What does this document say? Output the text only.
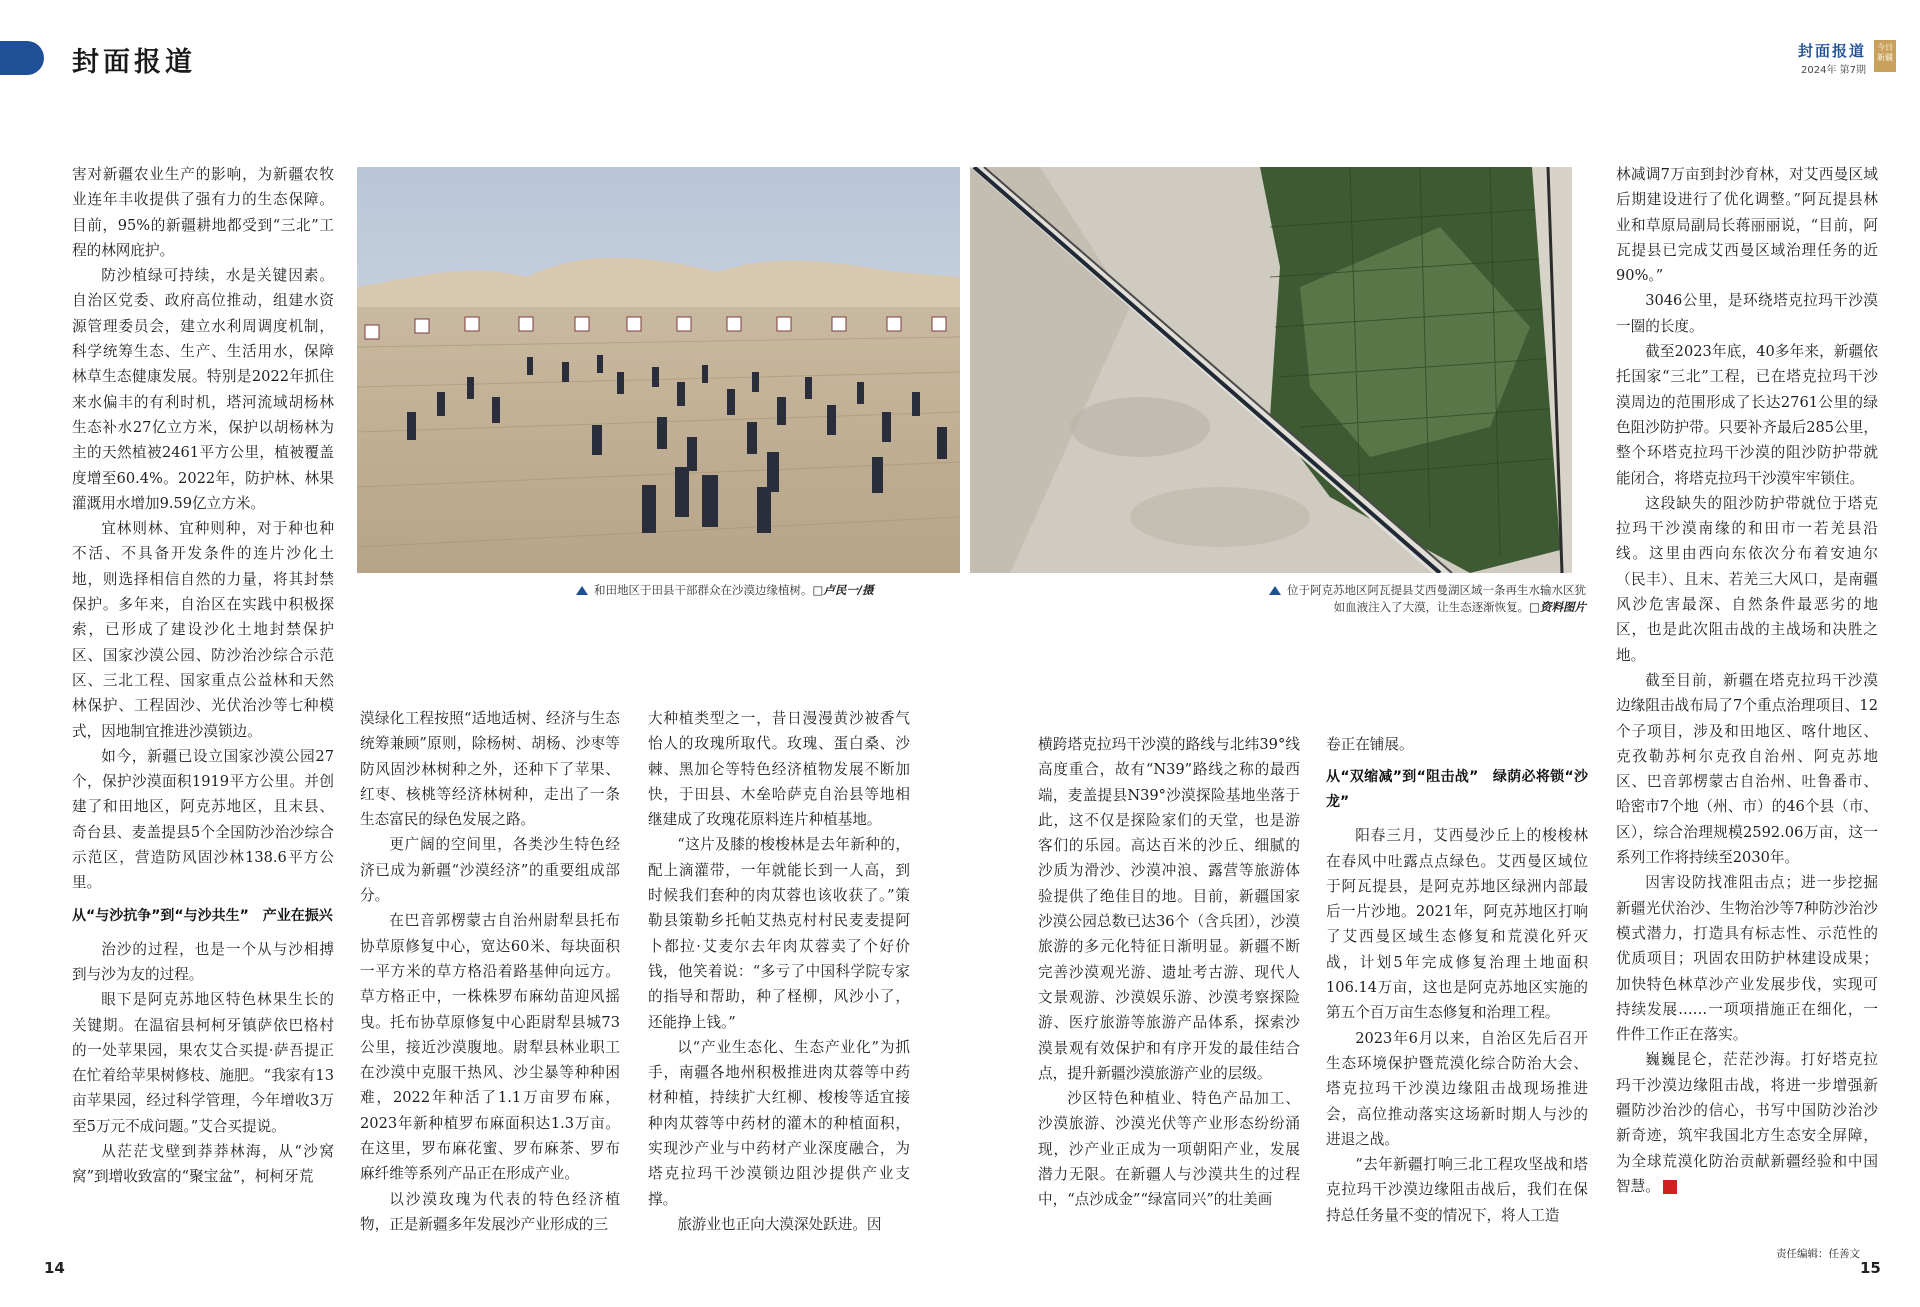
封面报道	封面报道
2024年 第7期
今日新疆

害对新疆农业生产的影响，为新疆农牧业连年丰收提供了强有力的生态保障。目前，95%的新疆耕地都受到“三北”工程的林网庇护。

防沙植绿可持续，水是关键因素。自治区党委、政府高位推动，组建水资源管理委员会，建立水利周调度机制，科学统筹生态、生产、生活用水，保障林草生态健康发展。特别是2022年抓住来水偏丰的有利时机，塔河流域胡杨林生态补水27亿立方米，保护以胡杨林为主的天然植被2461平方公里，植被覆盖度增至60.4%。2022年，防护林、林果灌溉用水增加9.59亿立方米。

宜林则林、宜种则种，对于种也种不活、不具备开发条件的连片沙化土地，则选择相信自然的力量，将其封禁保护。多年来，自治区在实践中积极探索，已形成了建设沙化土地封禁保护区、国家沙漠公园、防沙治沙综合示范区、三北工程、国家重点公益林和天然林保护、工程固沙、光伏治沙等七种模式，因地制宜推进沙漠锁边。

如今，新疆已设立国家沙漠公园27个，保护沙漠面积1919平方公里。并创建了和田地区，阿克苏地区，且末县、奇台县、麦盖提县5个全国防沙治沙综合示范区，营造防风固沙林138.6平方公里。

从“与沙抗争”到“与沙共生”　产业在振兴

治沙的过程，也是一个从与沙相搏到与沙为友的过程。

眼下是阿克苏地区特色林果生长的关键期。在温宿县柯柯牙镇萨依巴格村的一处苹果园，果农艾合买提·萨吾提正在忙着给苹果树修枝、施肥。“我家有13亩苹果园，经过科学管理，今年增收3万至5万元不成问题。”艾合买提说。

从茫茫戈壁到莽莽林海，从“沙窝窝”到增收致富的“聚宝盆”，柯柯牙荒

和田地区于田县干部群众在沙漠边缘植树。□卢民一/摄	位于阿克苏地区阿瓦提县艾西曼湖区域一条再生水输水区犹如血液注入了大漠，让生态逐渐恢复。□资料图片

漠绿化工程按照“适地适树、经济与生态统筹兼顾”原则，除杨树、胡杨、沙枣等防风固沙林树种之外，还种下了苹果、红枣、核桃等经济林树种，走出了一条生态富民的绿色发展之路。

更广阔的空间里，各类沙生特色经济已成为新疆“沙漠经济”的重要组成部分。

在巴音郭楞蒙古自治州尉犁县托布协草原修复中心，宽达60米、每块面积一平方米的草方格沿着路基伸向远方。草方格正中，一株株罗布麻幼苗迎风摇曳。托布协草原修复中心距尉犁县城73公里，接近沙漠腹地。尉犁县林业职工在沙漠中克服干热风、沙尘暴等种种困难，2022年种活了1.1万亩罗布麻，2023年新种植罗布麻面积达1.3万亩。在这里，罗布麻花蜜、罗布麻茶、罗布麻纤维等系列产品正在形成产业。

以沙漠玫瑰为代表的特色经济植物，正是新疆多年发展沙产业形成的三

大种植类型之一，昔日漫漫黄沙被香气怡人的玫瑰所取代。玫瑰、蛋白桑、沙棘、黑加仑等特色经济植物发展不断加快，于田县、木垒哈萨克自治县等地相继建成了玫瑰花原料连片种植基地。

“这片及膝的梭梭林是去年新种的，配上滴灌带，一年就能长到一人高，到时候我们套种的肉苁蓉也该收获了。”策勒县策勒乡托帕艾热克村村民麦麦提阿卜都拉·艾麦尔去年肉苁蓉卖了个好价钱，他笑着说：“多亏了中国科学院专家的指导和帮助，种了柽柳，风沙小了，还能挣上钱。”

以“产业生态化、生态产业化”为抓手，南疆各地州积极推进肉苁蓉等中药材种植，持续扩大红柳、梭梭等适宜接种肉苁蓉等中药材的灌木的种植面积，实现沙产业与中药材产业深度融合，为塔克拉玛干沙漠锁边阻沙提供产业支撑。

旅游业也正向大漠深处跃进。因

横跨塔克拉玛干沙漠的路线与北纬39°线高度重合，故有“N39”路线之称的最西端，麦盖提县N39°沙漠探险基地坐落于此，这不仅是探险家们的天堂，也是游客们的乐园。高达百米的沙丘、细腻的沙质为滑沙、沙漠冲浪、露营等旅游体验提供了绝佳目的地。目前，新疆国家沙漠公园总数已达36个（含兵团），沙漠旅游的多元化特征日渐明显。新疆不断完善沙漠观光游、遗址考古游、现代人文景观游、沙漠娱乐游、沙漠考察探险游、医疗旅游等旅游产品体系，探索沙漠景观有效保护和有序开发的最佳结合点，提升新疆沙漠旅游产业的层级。

沙区特色种植业、特色产品加工、沙漠旅游、沙漠光伏等产业形态纷纷涌现，沙产业正成为一项朝阳产业，发展潜力无限。在新疆人与沙漠共生的过程中，“点沙成金”“绿富同兴”的壮美画

卷正在铺展。

从“双缩减”到“阻击战”　绿荫必将锁“沙龙”

阳春三月，艾西曼沙丘上的梭梭林在春风中吐露点点绿色。艾西曼区域位于阿瓦提县，是阿克苏地区绿洲内部最后一片沙地。2021年，阿克苏地区打响了艾西曼区域生态修复和荒漠化歼灭战，计划5年完成修复治理土地面积106.14万亩，这也是阿克苏地区实施的第五个百万亩生态修复和治理工程。

2023年6月以来，自治区先后召开生态环境保护暨荒漠化综合防治大会、塔克拉玛干沙漠边缘阻击战现场推进会，高位推动落实这场新时期人与沙的进退之战。

“去年新疆打响三北工程攻坚战和塔克拉玛干沙漠边缘阻击战后，我们在保持总任务量不变的情况下，将人工造

林减调7万亩到封沙育林，对艾西曼区域后期建设进行了优化调整。”阿瓦提县林业和草原局副局长蒋丽丽说，“目前，阿瓦提县已完成艾西曼区域治理任务的近90%。”

3046公里，是环绕塔克拉玛干沙漠一圈的长度。

截至2023年底，40多年来，新疆依托国家“三北”工程，已在塔克拉玛干沙漠周边的范围形成了长达2761公里的绿色阻沙防护带。只要补齐最后285公里，整个环塔克拉玛干沙漠的阻沙防护带就能闭合，将塔克拉玛干沙漠牢牢锁住。

这段缺失的阻沙防护带就位于塔克拉玛干沙漠南缘的和田市一若羌县沿线。这里由西向东依次分布着安迪尔（民丰）、且末、若羌三大风口，是南疆风沙危害最深、自然条件最恶劣的地区，也是此次阻击战的主战场和决胜之地。

截至目前，新疆在塔克拉玛干沙漠边缘阻击战布局了7个重点治理项目、12个子项目，涉及和田地区、喀什地区、克孜勒苏柯尔克孜自治州、阿克苏地区、巴音郭楞蒙古自治州、吐鲁番市、哈密市7个地（州、市）的46个县（市、区），综合治理规模2592.06万亩，这一系列工作将持续至2030年。

因害设防找准阻击点；进一步挖掘新疆光伏治沙、生物治沙等7种防沙治沙模式潜力，打造具有标志性、示范性的优质项目；巩固农田防护林建设成果；加快特色林草沙产业发展步伐，实现可持续发展……一项项措施正在细化，一件件工作正在落实。

巍巍昆仑，茫茫沙海。打好塔克拉玛干沙漠边缘阻击战，将进一步增强新疆防沙治沙的信心，书写中国防沙治沙新奇迹，筑牢我国北方生态安全屏障，为全球荒漠化防治贡献新疆经验和中国智慧。

14
责任编辑：任善文
15
